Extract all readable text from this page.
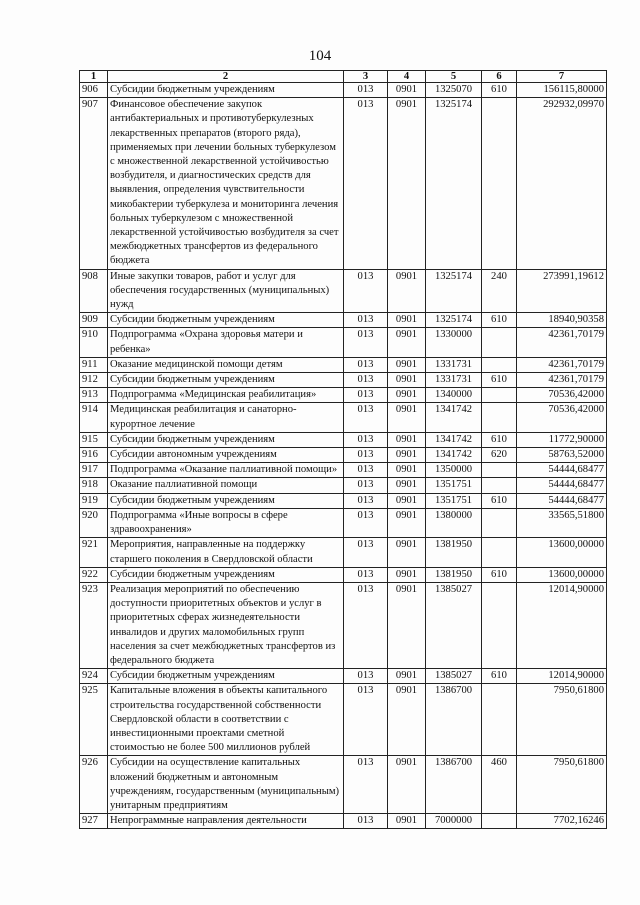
104
1	2	3	4	5	6	7
906	Субсидии бюджетным учреждениям	013	0901	1325070	610	156115,80000
907	Финансовое обеспечение закупок антибактериальных и противотуберкулезных лекарственных препаратов (второго ряда), применяемых при лечении больных туберкулезом с множественной лекарственной устойчивостью возбудителя, и диагностических средств для выявления, определения чувствительности микобактерии туберкулеза и мониторинга лечения больных туберкулезом с множественной лекарственной устойчивостью возбудителя за счет межбюджетных трансфертов из федерального бюджета	013	0901	1325174		292932,09970
908	Иные закупки товаров, работ и услуг для обеспечения государственных (муниципальных) нужд	013	0901	1325174	240	273991,19612
909	Субсидии бюджетным учреждениям	013	0901	1325174	610	18940,90358
910	Подпрограмма «Охрана здоровья матери и ребенка»	013	0901	1330000		42361,70179
911	Оказание медицинской помощи детям	013	0901	1331731		42361,70179
912	Субсидии бюджетным учреждениям	013	0901	1331731	610	42361,70179
913	Подпрограмма «Медицинская реабилитация»	013	0901	1340000		70536,42000
914	Медицинская реабилитация и санаторно-курортное лечение	013	0901	1341742		70536,42000
915	Субсидии бюджетным учреждениям	013	0901	1341742	610	11772,90000
916	Субсидии автономным учреждениям	013	0901	1341742	620	58763,52000
917	Подпрограмма «Оказание паллиативной помощи»	013	0901	1350000		54444,68477
918	Оказание паллиативной помощи	013	0901	1351751		54444,68477
919	Субсидии бюджетным учреждениям	013	0901	1351751	610	54444,68477
920	Подпрограмма «Иные вопросы в сфере здравоохранения»	013	0901	1380000		33565,51800
921	Мероприятия, направленные на поддержку старшего поколения в Свердловской области	013	0901	1381950		13600,00000
922	Субсидии бюджетным учреждениям	013	0901	1381950	610	13600,00000
923	Реализация мероприятий по обеспечению доступности приоритетных объектов и услуг в приоритетных сферах жизнедеятельности инвалидов и других маломобильных групп населения за счет межбюджетных трансфертов из федерального бюджета	013	0901	1385027		12014,90000
924	Субсидии бюджетным учреждениям	013	0901	1385027	610	12014,90000
925	Капитальные вложения в объекты капитального строительства государственной собственности Свердловской области в соответствии с инвестиционными проектами сметной стоимостью не более 500 миллионов рублей	013	0901	1386700		7950,61800
926	Субсидии на осуществление капитальных вложений бюджетным и автономным учреждениям, государственным (муниципальным) унитарным предприятиям	013	0901	1386700	460	7950,61800
927	Непрограммные направления деятельности	013	0901	7000000		7702,16246
